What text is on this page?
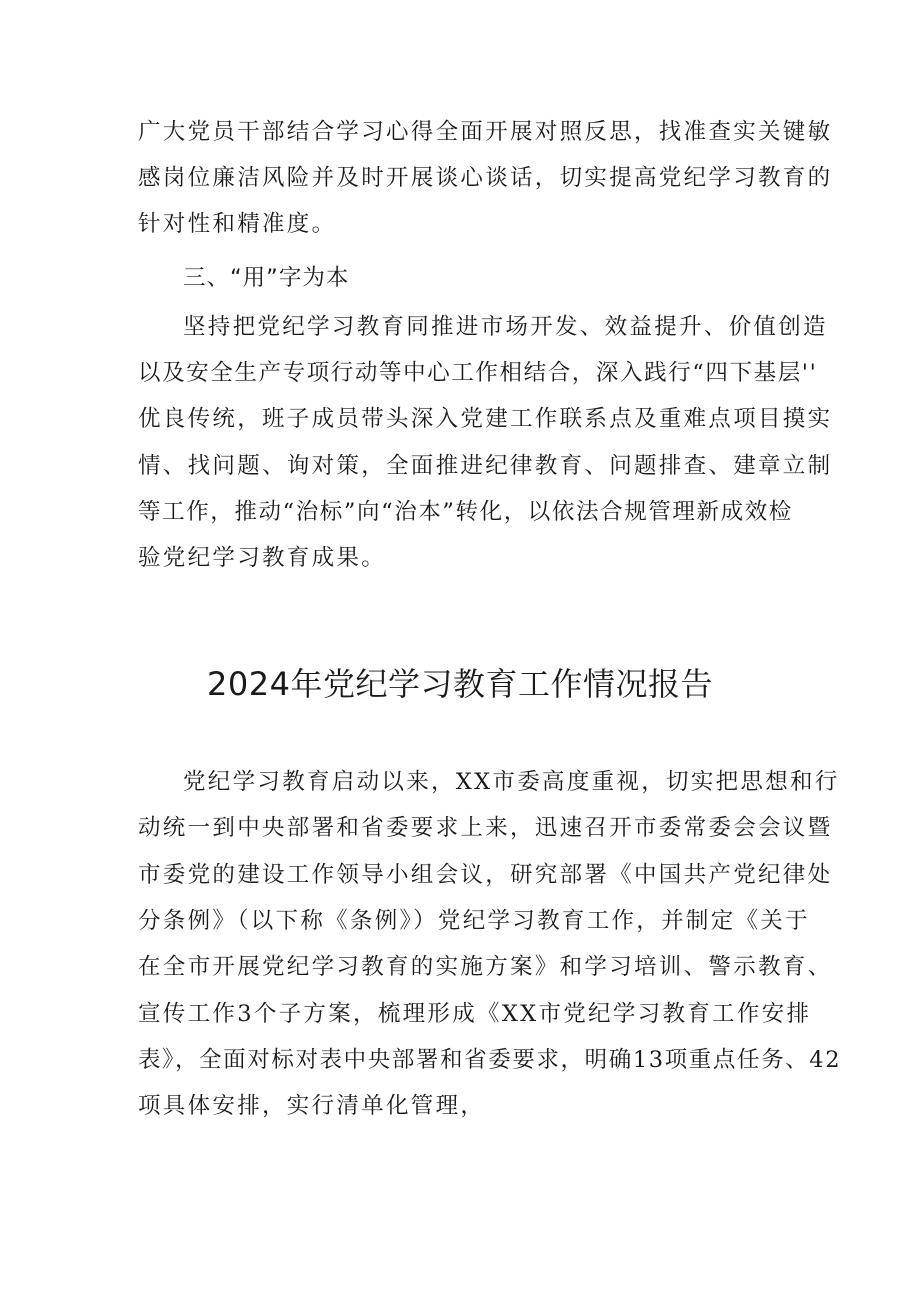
广大党员干部结合学习心得全面开展对照反思，找准查实关键敏

感岗位廉洁风险并及时开展谈心谈话，切实提高党纪学习教育的

针对性和精准度。

三、“用”字为本

坚持把党纪学习教育同推进市场开发、效益提升、价值创造

以及安全生产专项行动等中心工作相结合，深入践行“四下基层''

优良传统，班子成员带头深入党建工作联系点及重难点项目摸实

情、找问题、询对策，全面推进纪律教育、问题排查、建章立制

等工作，推动“治标”向“治本”转化，以依法合规管理新成效检

验党纪学习教育成果。

2024年党纪学习教育工作情况报告

党纪学习教育启动以来，XX市委高度重视，切实把思想和行

动统一到中央部署和省委要求上来，迅速召开市委常委会会议暨

市委党的建设工作领导小组会议，研究部署《中国共产党纪律处

分条例》（以下称《条例》）党纪学习教育工作，并制定《关于

在全市开展党纪学习教育的实施方案》和学习培训、警示教育、

宣传工作3个子方案，梳理形成《XX市党纪学习教育工作安排

表》，全面对标对表中央部署和省委要求，明确13项重点任务、42

项具体安排，实行清单化管理，
